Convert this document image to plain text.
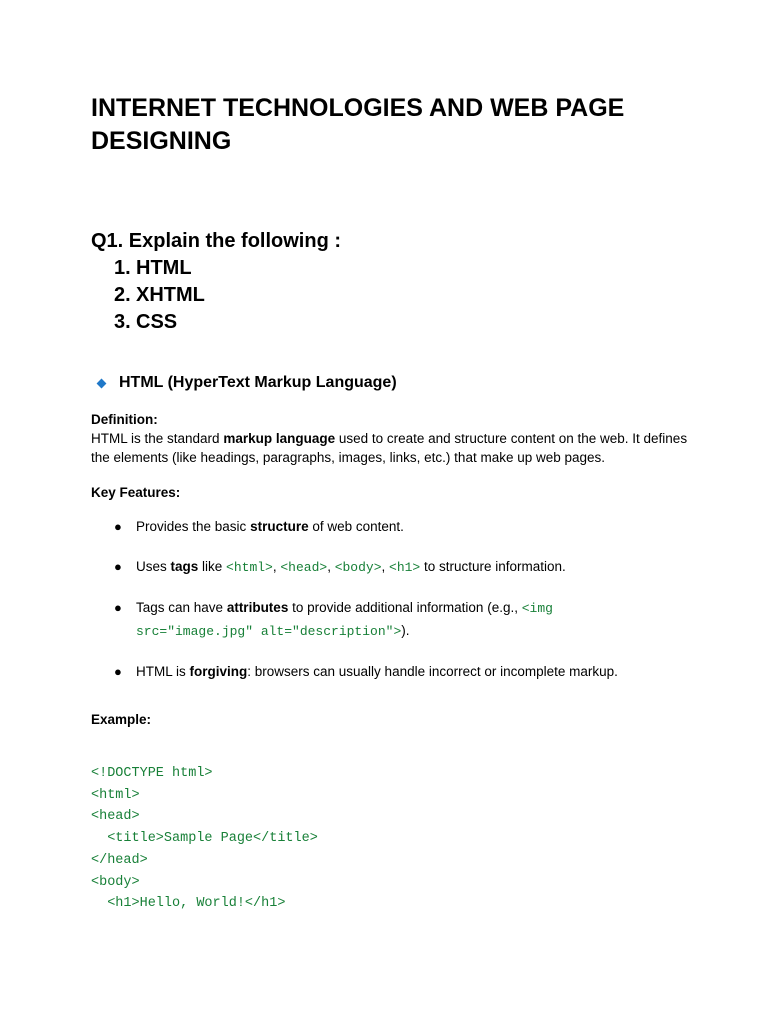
INTERNET TECHNOLOGIES AND WEB PAGE DESIGNING
Q1. Explain the following :
1. HTML
2. XHTML
3. CSS
HTML (HyperText Markup Language)
Definition:
HTML is the standard markup language used to create and structure content on the web. It defines the elements (like headings, paragraphs, images, links, etc.) that make up web pages.
Key Features:
● Provides the basic structure of web content.
● Uses tags like <html>, <head>, <body>, <h1> to structure information.
● Tags can have attributes to provide additional information (e.g., <img
src="image.jpg" alt="description">).
● HTML is forgiving: browsers can usually handle incorrect or incomplete markup.
Example:
<!DOCTYPE html>
<html>
<head>
<title>Sample Page</title>
</head>
<body>
<h1>Hello, World!</h1>
